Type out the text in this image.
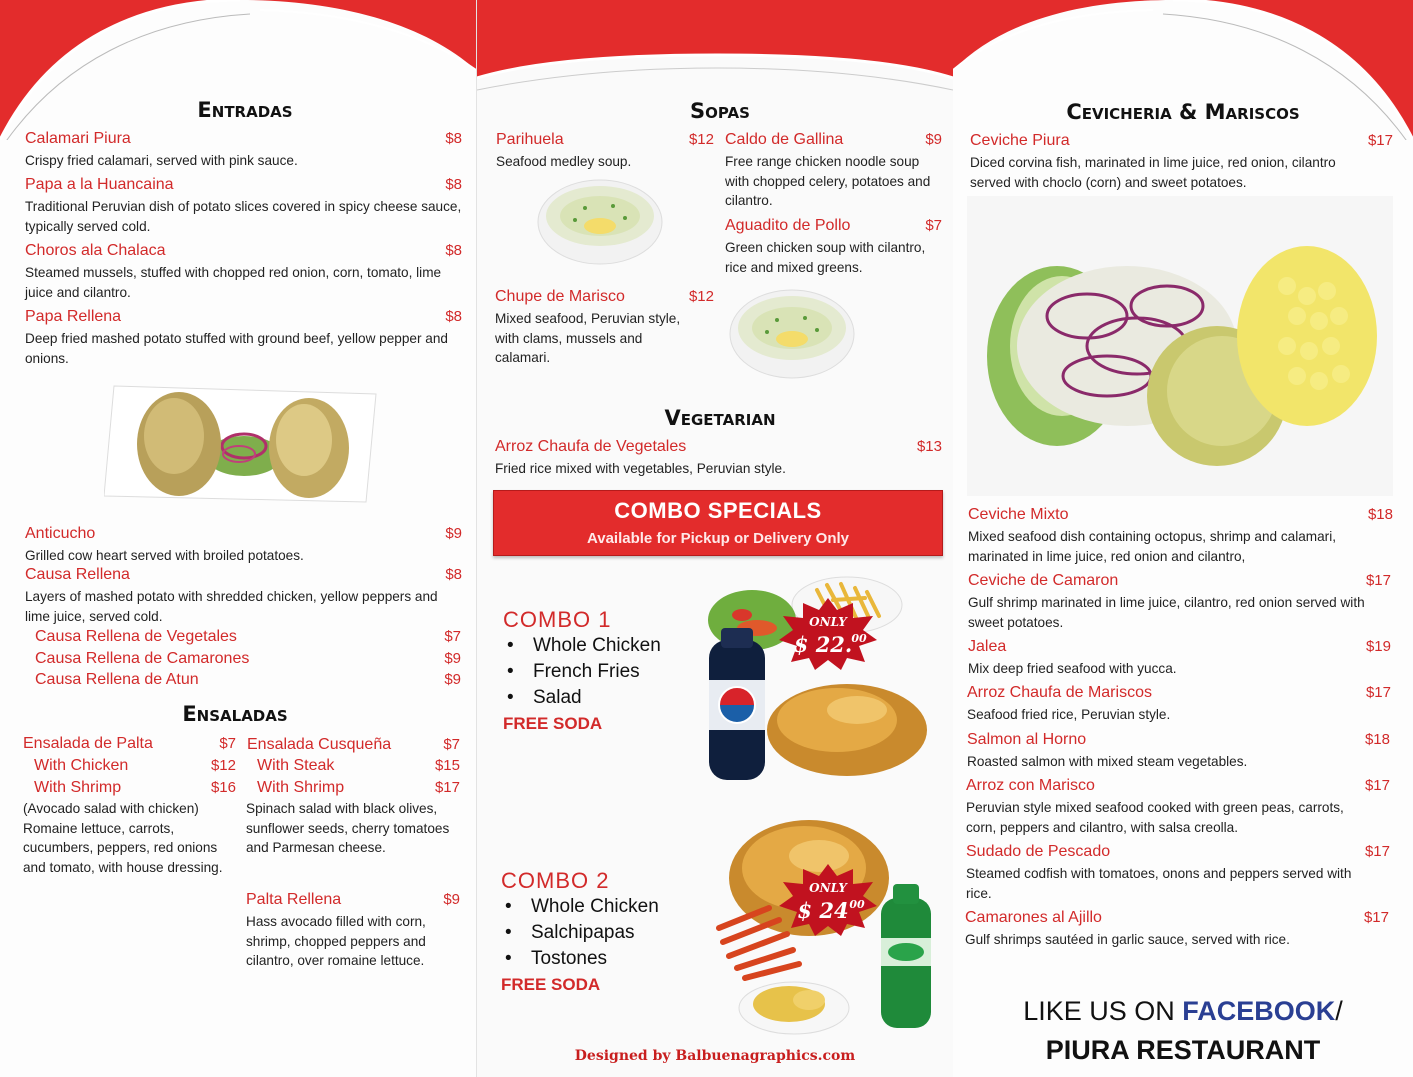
Entradas
Calamari Piura	$8
Crispy fried calamari, served with pink sauce.
Papa a la Huancaina	$8
Traditional Peruvian dish of potato slices covered in spicy cheese sauce, typically served cold.
Choros ala Chalaca	$8
Steamed mussels, stuffed with chopped red onion, corn, tomato, lime juice and cilantro.
Papa Rellena	$8
Deep fried mashed potato stuffed with ground beef, yellow pepper and onions.
Anticucho	$9
Grilled cow heart served with broiled potatoes.
Causa Rellena	$8
Layers of mashed potato with shredded chicken, yellow peppers and lime juice, served cold.
Causa Rellena de Vegetales	$7
Causa Rellena de Camarones	$9
Causa Rellena de Atun	$9
Ensaladas
Ensalada de Palta	$7
With Chicken	$12
With Shrimp	$16
(Avocado salad with chicken) Romaine lettuce, carrots, cucumbers, peppers, red onions and tomato, with house dressing.
Ensalada Cusqueña	$7
With Steak	$15
With Shrimp	$17
Spinach salad with black olives, sunflower seeds, cherry tomatoes and Parmesan cheese.
Palta Rellena	$9
Hass avocado filled with corn, shrimp, chopped peppers and cilantro, over romaine lettuce.
Sopas
Parihuela	$12
Seafood medley soup.
Caldo de Gallina	$9
Free range chicken noodle soup with chopped celery, potatoes and cilantro.
Aguadito de Pollo	$7
Green chicken soup with cilantro, rice and mixed greens.
Chupe de Marisco	$12
Mixed seafood, Peruvian style, with clams, mussels and calamari.
Vegetarian
Arroz Chaufa de Vegetales	$13
Fried rice mixed with vegetables, Peruvian style.
COMBO SPECIALS
Available for Pickup or Delivery Only
COMBO 1
• Whole Chicken
• French Fries
• Salad
FREE SODA
ONLY
$ 22. 00
COMBO 2
• Whole Chicken
• Salchipapas
• Tostones
FREE SODA
ONLY
$ 24 00
Designed by Balbuenagraphics.com
Cevicheria & Mariscos
Ceviche Piura	$17
Diced corvina fish, marinated in lime juice, red onion, cilantro served with choclo (corn) and sweet potatoes.
Ceviche Mixto	$18
Mixed seafood dish containing octopus, shrimp and calamari, marinated in lime juice, red onion and cilantro,
Ceviche de Camaron	$17
Gulf shrimp marinated in lime juice, cilantro, red onion served with sweet potatoes.
Jalea	$19
Mix deep fried seafood with yucca.
Arroz Chaufa de Mariscos	$17
Seafood fried rice, Peruvian style.
Salmon al Horno	$18
Roasted salmon with mixed steam vegetables.
Arroz con Marisco	$17
Peruvian style mixed seafood cooked with green peas, carrots, corn, peppers and cilantro, with salsa creolla.
Sudado de Pescado	$17
Steamed codfish with tomatoes, onons and peppers served with rice.
Camarones al Ajillo	$17
Gulf shrimps sautéed in garlic sauce, served with rice.
LIKE US ON FACEBOOK/
PIURA RESTAURANT
